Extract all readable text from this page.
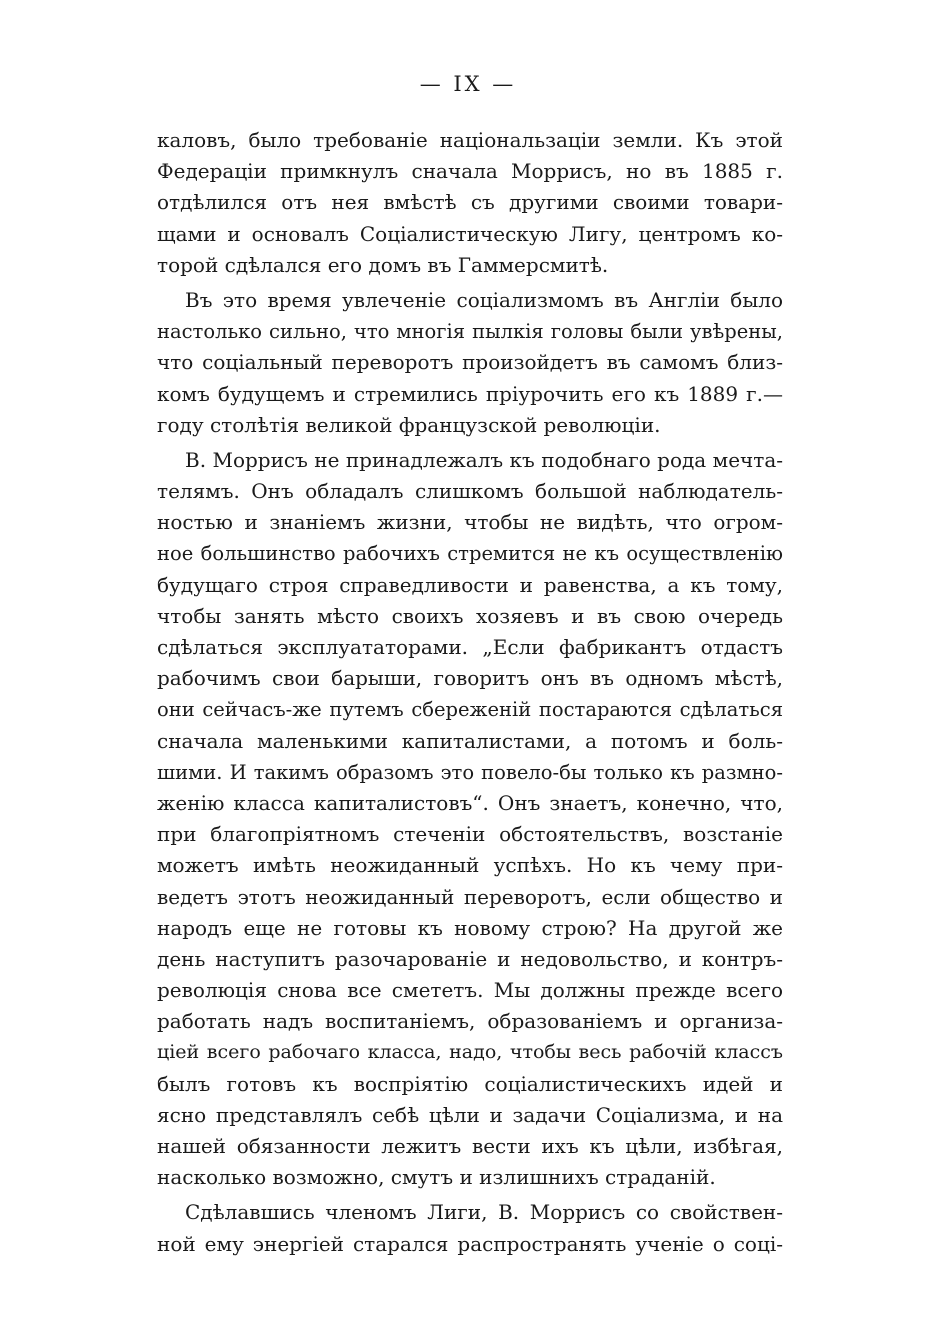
— IX —
каловъ, было требованіе національзаціи земли. Къ этой
Федераціи примкнулъ сначала Моррисъ, но въ 1885 г.
отдѣлился отъ нея вмѣстѣ съ другими своими товари-
щами и основалъ Соціалистическую Лигу, центромъ ко-
торой сдѣлался его домъ въ Гаммерсмитѣ.
Въ это время увлеченіе соціализмомъ въ Англіи было
настолько сильно, что многія пылкія головы были увѣрены,
что соціальный переворотъ произойдетъ въ самомъ близ-
комъ будущемъ и стремились пріурочить его къ 1889 г.—
году столѣтія великой французской революціи.
В. Моррисъ не принадлежалъ къ подобнаго рода мечта-
телямъ. Онъ обладалъ слишкомъ большой наблюдатель-
ностью и знаніемъ жизни, чтобы не видѣть, что огром-
ное большинство рабочихъ стремится не къ осуществленію
будущаго строя справедливости и равенства, а къ тому,
чтобы занять мѣсто своихъ хозяевъ и въ свою очередь
сдѣлаться эксплуататорами. „Если фабрикантъ отдастъ
рабочимъ свои барыши, говоритъ онъ въ одномъ мѣстѣ,
они сейчасъ-же путемъ сбереженій постараются сдѣлаться
сначала маленькими капиталистами, а потомъ и боль-
шими. И такимъ образомъ это повело-бы только къ размно-
женію класса капиталистовъ“. Онъ знаетъ, конечно, что,
при благопріятномъ стеченіи обстоятельствъ, возстаніе
можетъ имѣть неожиданный успѣхъ. Но къ чему при-
ведетъ этотъ неожиданный переворотъ, если общество и
народъ еще не готовы къ новому строю? На другой же
день наступитъ разочарованіе и недовольство, и контръ-
революція снова все смететъ. Мы должны прежде всего
работать надъ воспитаніемъ, образованіемъ и организа-
ціей всего рабочаго класса, надо, чтобы весь рабочій классъ
былъ готовъ къ воспріятію соціалистическихъ идей и
ясно представлялъ себѣ цѣли и задачи Соціализма, и на
нашей обязанности лежитъ вести ихъ къ цѣли, избѣгая,
насколько возможно, смутъ и излишнихъ страданій.
Сдѣлавшись членомъ Лиги, В. Моррисъ со свойствен-
ной ему энергіей старался распространять ученіе о соці-
